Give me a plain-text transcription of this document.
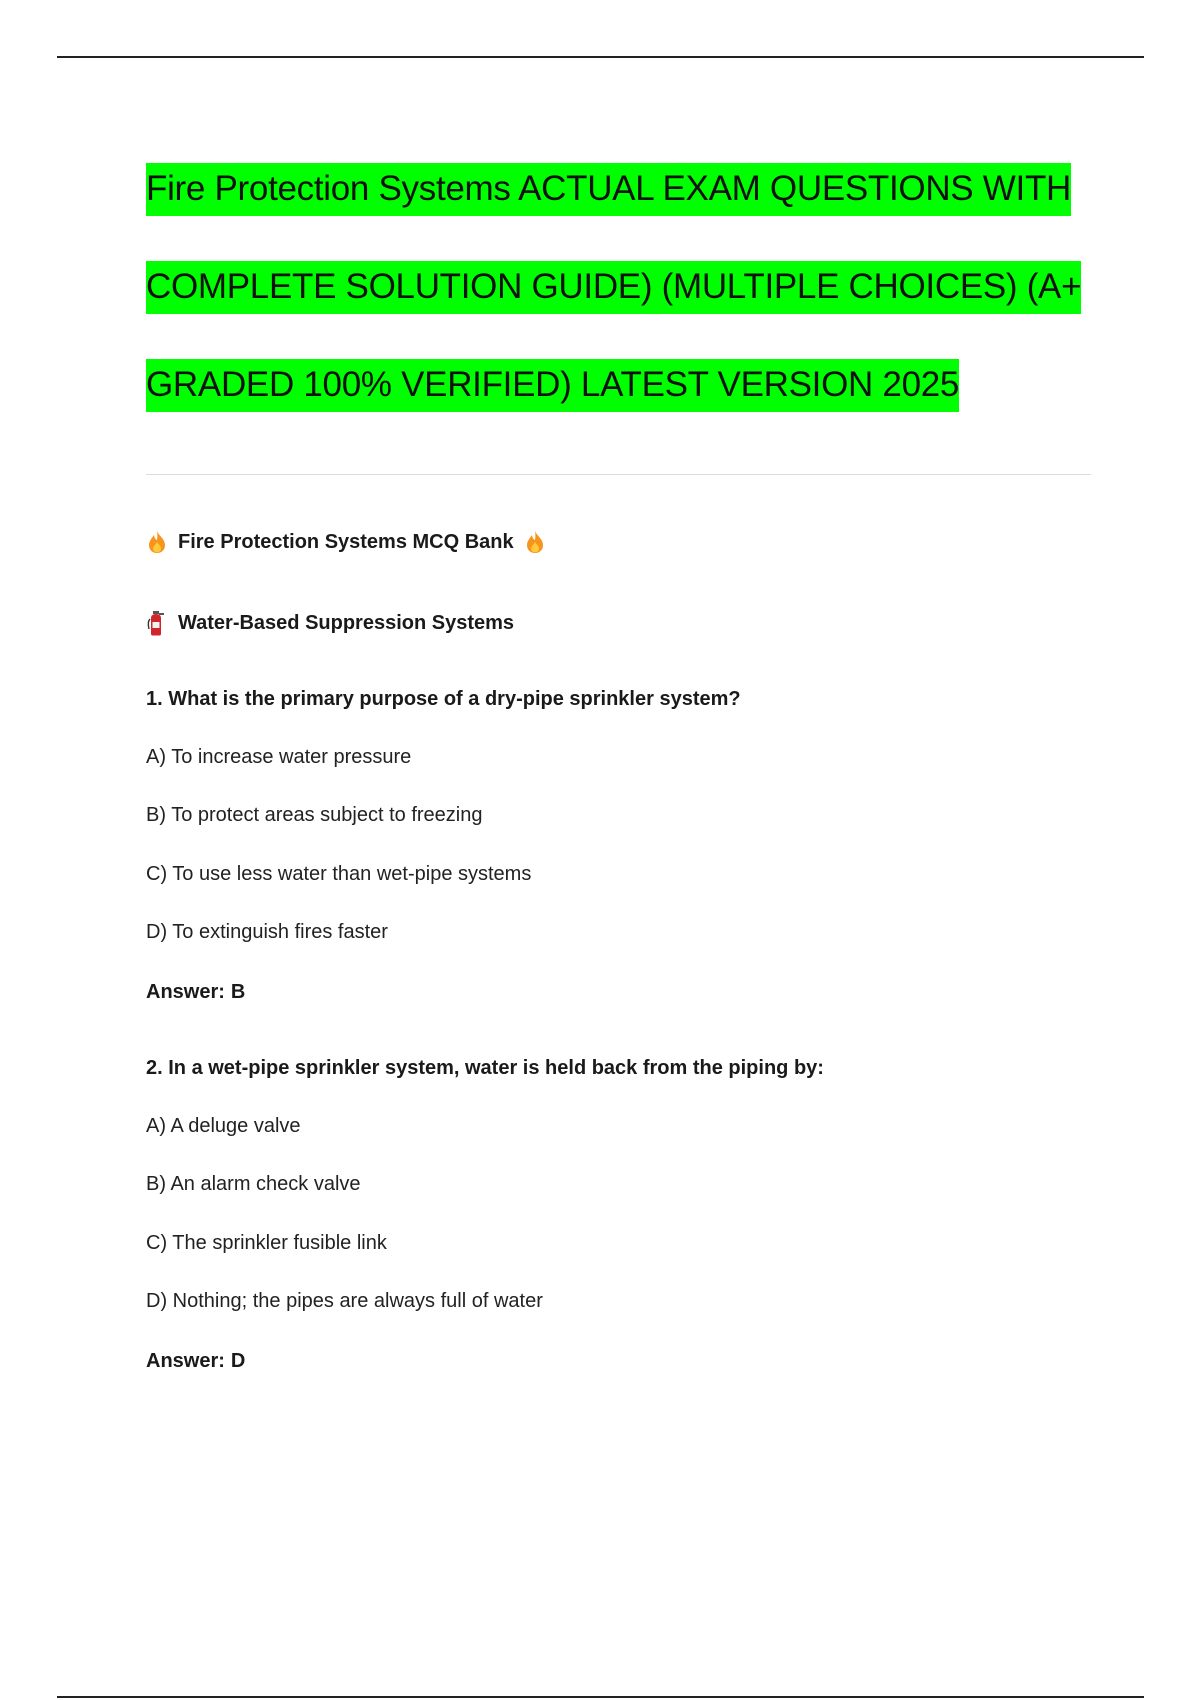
Fire Protection Systems ACTUAL EXAM QUESTIONS WITH
COMPLETE SOLUTION GUIDE) (MULTIPLE CHOICES) (A+
GRADED 100% VERIFIED) LATEST VERSION 2025
Fire Protection Systems MCQ Bank
Water-Based Suppression Systems
1. What is the primary purpose of a dry-pipe sprinkler system?
A) To increase water pressure
B) To protect areas subject to freezing
C) To use less water than wet-pipe systems
D) To extinguish fires faster
Answer: B
2. In a wet-pipe sprinkler system, water is held back from the piping by:
A) A deluge valve
B) An alarm check valve
C) The sprinkler fusible link
D) Nothing; the pipes are always full of water
Answer: D
